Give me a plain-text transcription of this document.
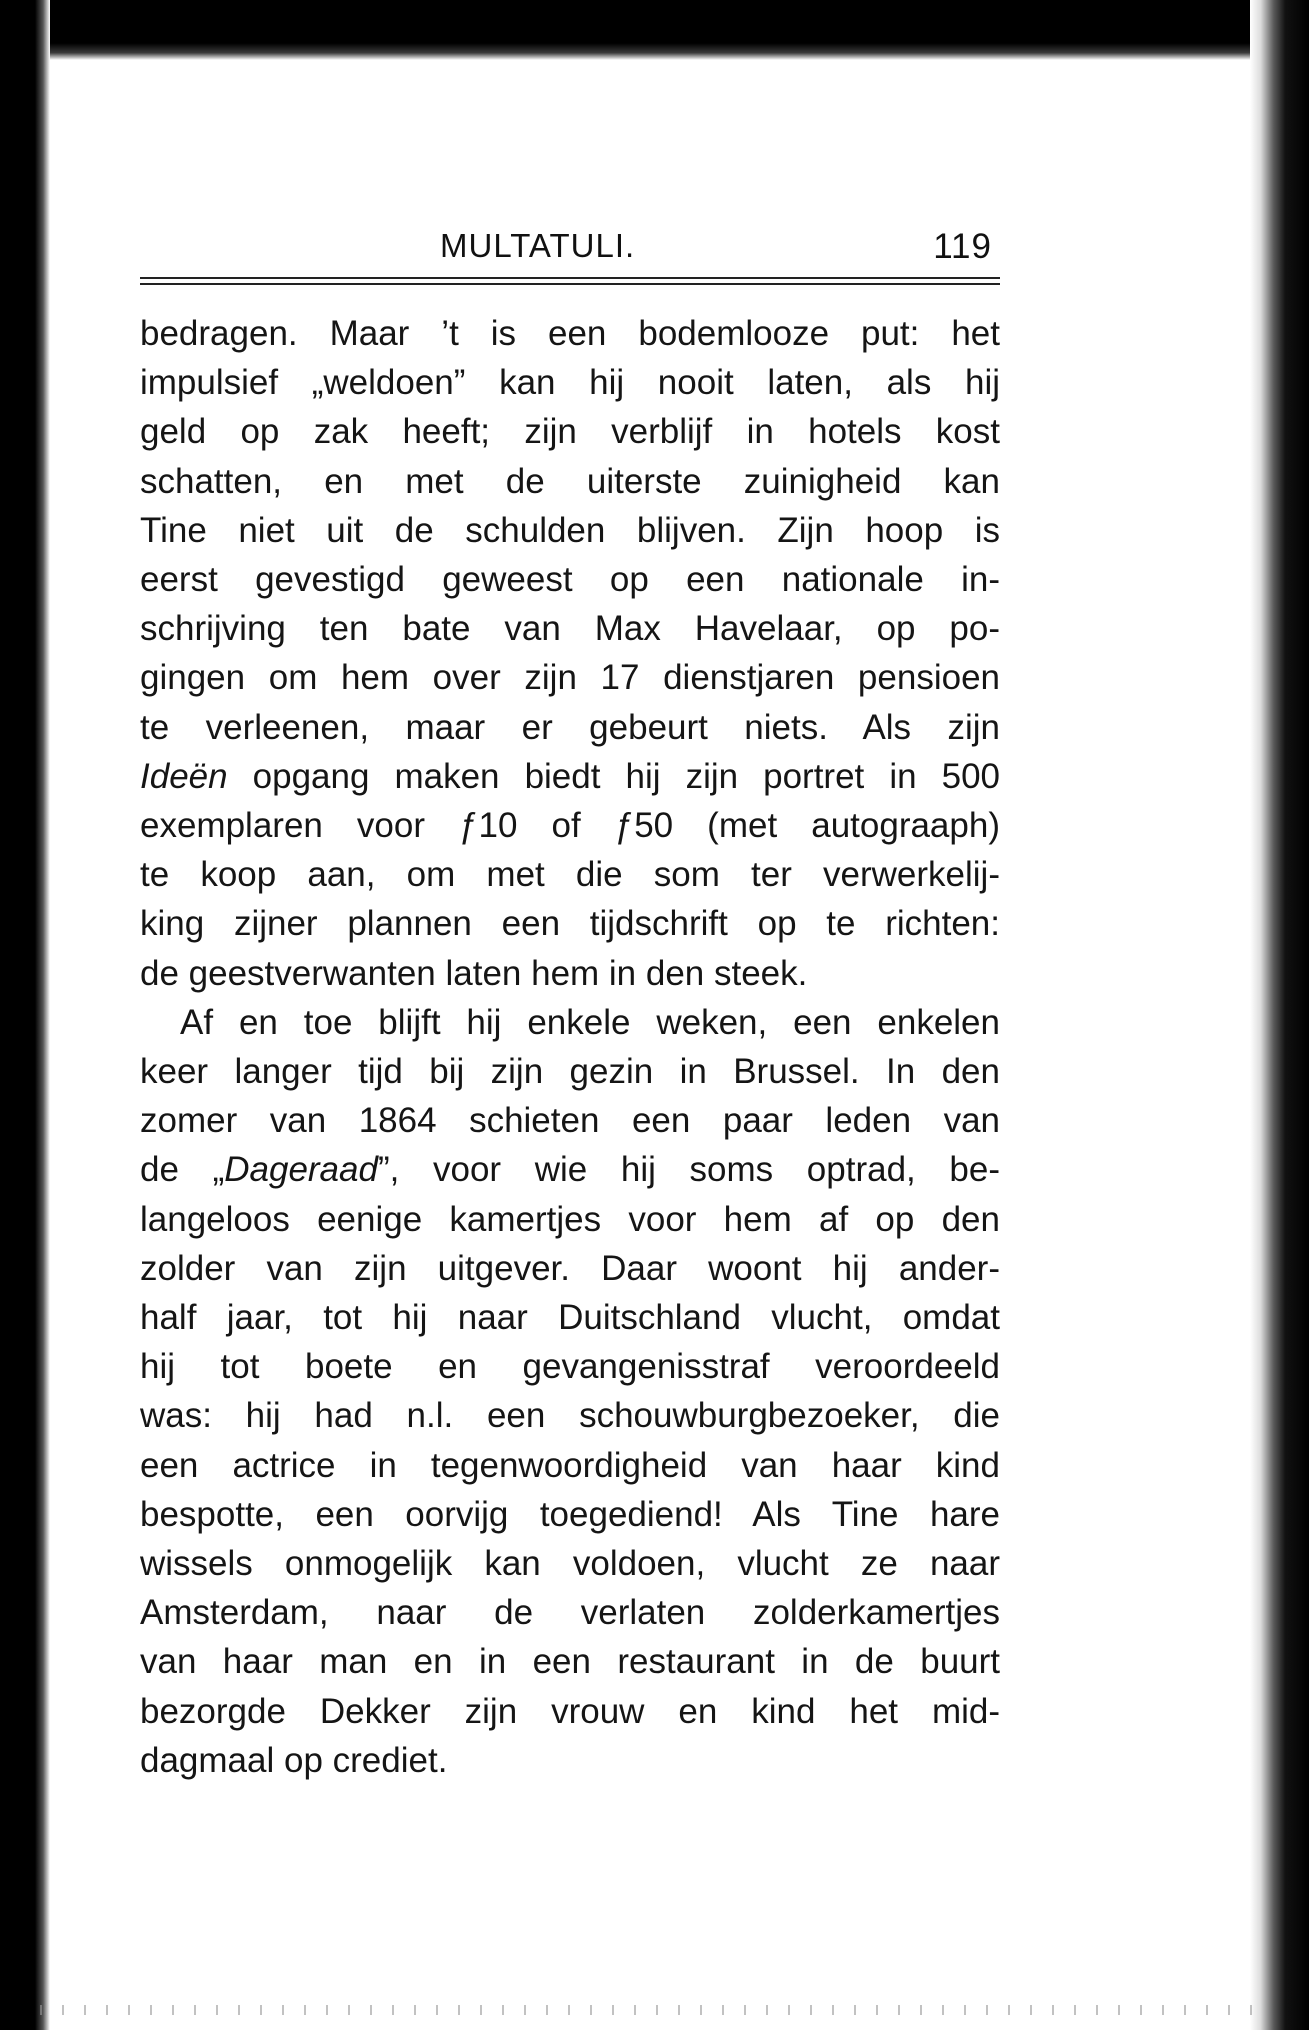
MULTATULI.	119
bedragen. Maar ’t is een bodemlooze put: het
impulsief „weldoen” kan hij nooit laten, als hij
geld op zak heeft; zijn verblijf in hotels kost
schatten, en met de uiterste zuinigheid kan
Tine niet uit de schulden blijven. Zijn hoop is
eerst gevestigd geweest op een nationale in-
schrijving ten bate van Max Havelaar, op po-
gingen om hem over zijn 17 dienstjaren pensioen
te verleenen, maar er gebeurt niets. Als zijn
Ideën opgang maken biedt hij zijn portret in 500
exemplaren voor ƒ10 of ƒ50 (met autograaph)
te koop aan, om met die som ter verwerkelij-
king zijner plannen een tijdschrift op te richten:
de geestverwanten laten hem in den steek.
Af en toe blijft hij enkele weken, een enkelen
keer langer tijd bij zijn gezin in Brussel. In den
zomer van 1864 schieten een paar leden van
de „Dageraad”, voor wie hij soms optrad, be-
langeloos eenige kamertjes voor hem af op den
zolder van zijn uitgever. Daar woont hij ander-
half jaar, tot hij naar Duitschland vlucht, omdat
hij tot boete en gevangenisstraf veroordeeld
was: hij had n.l. een schouwburgbezoeker, die
een actrice in tegenwoordigheid van haar kind
bespotte, een oorvijg toegediend! Als Tine hare
wissels onmogelijk kan voldoen, vlucht ze naar
Amsterdam, naar de verlaten zolderkamertjes
van haar man en in een restaurant in de buurt
bezorgde Dekker zijn vrouw en kind het mid-
dagmaal op crediet.
